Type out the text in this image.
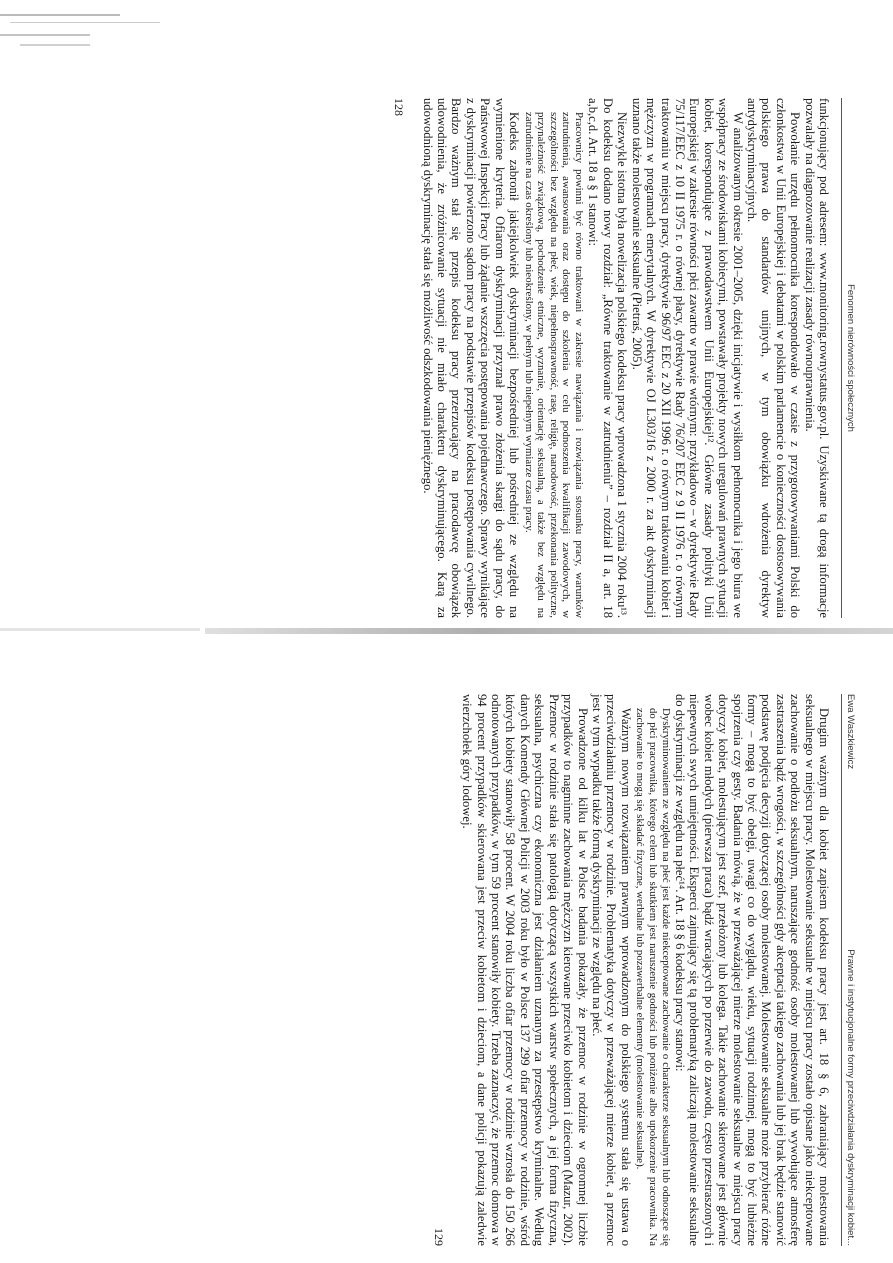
Fenomen nierówności społecznych

funkcjonujący pod adresem: www.monitoring.rownystatus.gov.pl. Uzyskiwane tą drogą informacje pozwalały na diagnozowanie realizacji zasady równouprawnienia.

Powołanie urzędu pełnomocnika korespondowało w czasie z przygotowywaniami Polski do członkostwa w Unii Europejskiej i debatami w polskim parlamencie o konieczności dostosowywania polskiego prawa do standardów unijnych, w tym obowiązku wdrożenia dyrektyw antydyskryminacyjnych.

W analizowanym okresie 2001–2005, dzięki inicjatywie i wysiłkom pełnomocnika i jego biura we współpracy ze środowiskami kobiecymi, powstawały projekty nowych uregulowań prawnych sytuacji kobiet, korespondujące z prawodawstwem Unii Europejskiej¹². Główne zasady polityki Unii Europejskiej w zakresie równości płci zawarto w prawie wtórnym: przykładowo – w dyrektywie Rady 75/117/EEC z 10 II 1975 r. o równej płacy, dyrektywie Rady 76/207 EEC z 9 II 1976 r. o równym traktowaniu w miejscu pracy, dyrektywie 96/97 EEC z 20 XII 1996 r. o równym traktowaniu kobiet i mężczyzn w programach emerytalnych. W dyrektywie OJ L303/16 z 2000 r. za akt dyskryminacji uznano także molestowanie seksualne (Pietraś, 2005).

Niezwykle istotna była nowelizacja polskiego kodeksu pracy wprowadzona 1 stycznia 2004 roku¹³. Do kodeksu dodano nowy rozdział: „Równe traktowanie w zatrudnieniu” – rozdział II a, art. 18 a,b,c,d. Art. 18 a § 1 stanowi:

Pracownicy powinni być równo traktowani w zakresie nawiązania i rozwiązania stosunku pracy, warunków zatrudnienia, awansowania oraz dostępu do szkolenia w celu podnoszenia kwalifikacji zawodowych, w szczególności bez względu na płeć, wiek, niepełnosprawność, rasę, religię, narodowość, przekonania polityczne, przynależność związkową, pochodzenie etniczne, wyznanie, orientację seksualną, a także bez względu na zatrudnienie na czas określony lub nieokreślony, w pełnym lub niepełnym wymiarze czasu pracy.

Kodeks zabronił jakiejkolwiek dyskryminacji bezpośredniej lub pośredniej ze względu na wymienione kryteria. Ofiarom dyskryminacji przyznał prawo złożenia skargi do sądu pracy, do Państwowej Inspekcji Pracy lub żądanie wszczęcia postępowania pojednawczego. Sprawy wynikające z dyskryminacji powierzono sądom pracy na podstawie przepisów kodeksu postępowania cywilnego. Bardzo ważnym stał się przepis kodeksu pracy przerzucający na pracodawcę obowiązek udowodnienia, że zróżnicowanie sytuacji nie miało charakteru dyskryminującego. Karą za udowodnioną dyskryminację stała się możliwość odszkodowania pieniężnego.

128
Ewa Waszkiewicz
Prawne i instytucjonalne formy przeciwdziałania dyskryminacji kobiet...

Drugim ważnym dla kobiet zapisem kodeksu pracy jest art. 18 § 6, zabraniający molestowania seksualnego w miejscu pracy. Molestowanie seksualne w miejscu pracy zostało opisane jako niekceptowane zachowanie o podłożu seksualnym, naruszające godność osoby molestowanej lub wywołujące atmosferę zastraszenia bądź wrogości, w szczególności gdy akceptacja takiego zachowania lub jej brak będzie stanowić podstawę podjęcia decyzji dotyczącej osoby molestowanej. Molestowanie seksualne może przybierać różne formy – mogą to być obelgi, uwagi co do wyglądu, wieku, sytuacji rodzinnej, mogą to być lubieżne spojrzenia czy gesty. Badania mówią, że w przeważającej mierze molestowanie seksualne w miejscu pracy dotyczy kobiet, molestującym jest szef, przełożony lub kolega. Takie zachowanie skierowane jest głównie wobec kobiet młodych (pierwsza praca) bądź wracających po przerwie do zawodu, często przestraszonych i niepewnych swych umiejętności. Eksperci zajmujący się tą problematyką zaliczają molestowanie seksualne do dyskryminacji ze względu na płeć¹⁴. Art. 18 § 6 kodeksu pracy stanowi:

Dyskryminowaniem ze względu na płeć jest każde niekceptowane zachowanie o charakterze seksualnym lub odnoszące się do płci pracownika, którego celem lub skutkiem jest naruszenie godności lub poniżenie albo upokorzenie pracownika. Na zachowanie to mogą się składać fizyczne, werbalne lub pozawerbalne elementy (molestowanie seksualne).

Ważnym nowym rozwiązaniem prawnym wprowadzonym do polskiego systemu stała się ustawa o przeciwdziałaniu przemocy w rodzinie. Problematyka dotyczy w przeważającej mierze kobiet, a przemoc jest w tym wypadku także formą dyskryminacji ze względu na płeć.

Prowadzone od kilku lat w Polsce badania pokazały, że przemoc w rodzinie w ogromnej liczbie przypadków to nagminne zachowania mężczyzn kierowane przeciwko kobietom i dzieciom (Mazur, 2002). Przemoc w rodzinie stała się patologią dotyczącą wszystkich warstw społecznych, a jej forma fizyczna, seksualna, psychiczna czy ekonomiczna jest działaniem uznanym za przestępstwo kryminalne. Według danych Komendy Głównej Policji w 2003 roku było w Polsce 137 299 ofiar przemocy w rodzinie, wśród których kobiety stanowiły 58 procent. W 2004 roku liczba ofiar przemocy w rodzinie wzrosła do 150 266 odnotowanych przypadków, w tym 59 procent stanowiły kobiety. Trzeba zaznaczyć, że przemoc domowa w 94 procent przypadków skierowana jest przeciw kobietom i dzieciom, a dane policji pokazują zaledwie wierzchołek góry lodowej.

129
